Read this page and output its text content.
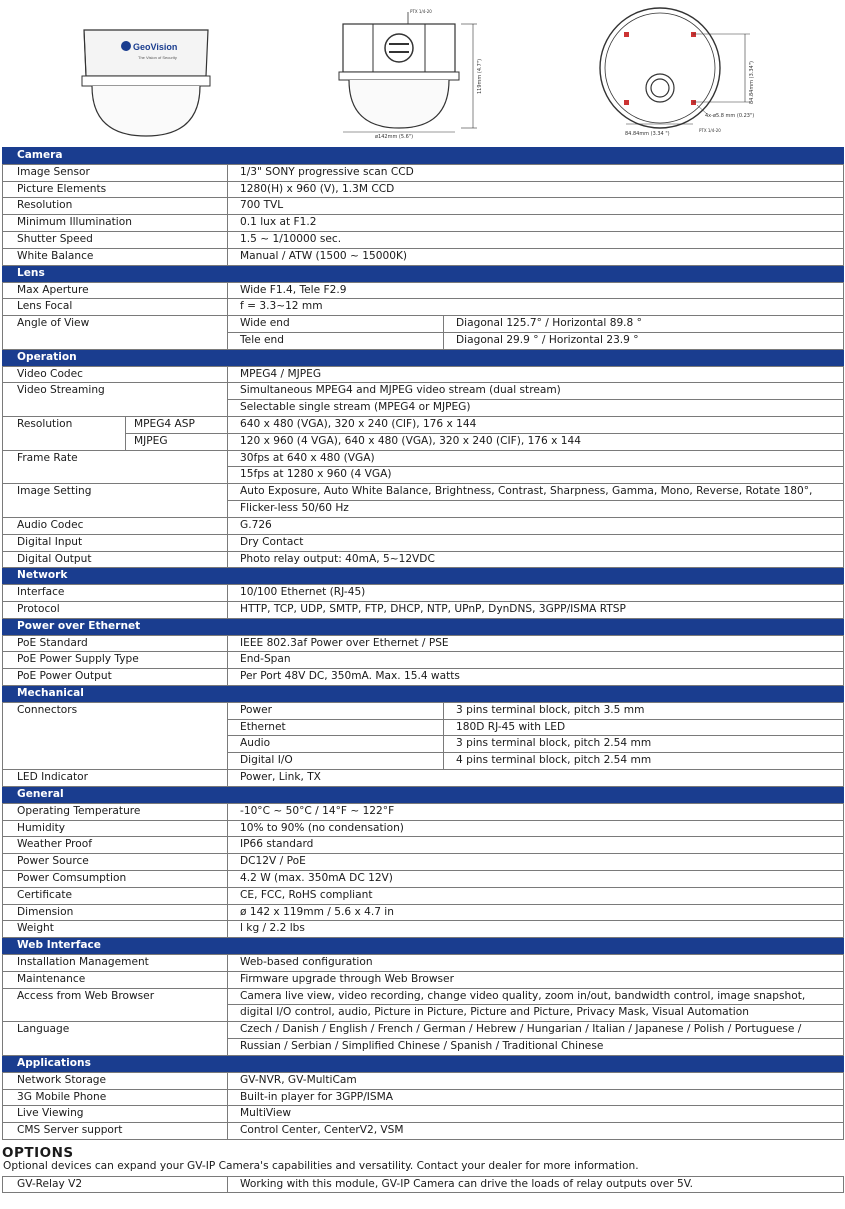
GeoVision
The Vision of Security
PTX 1/4-20
119mm (4.7")
ø142mm (5.6")
84.84mm (3.34")
4x-ø5.8 mm (0.23")
84.84mm (3.34 ")
PTX 1/4-20
Camera			
Image Sensor		1/3" SONY progressive scan CCD	
Picture Elements		1280(H) x 960 (V), 1.3M CCD	
Resolution		700 TVL	
Minimum Illumination		0.1 lux at F1.2	
Shutter Speed		1.5 ~ 1/10000 sec.	
White Balance		Manual / ATW (1500 ~ 15000K)	
Lens			
Max Aperture		Wide F1.4, Tele F2.9	
Lens Focal		f = 3.3~12 mm	
Angle of View		Wide end	Diagonal 125.7° / Horizontal 89.8 °
		Tele end	Diagonal 29.9 ° / Horizontal 23.9 °
Operation			
Video Codec		MPEG4 / MJPEG	
Video Streaming		Simultaneous MPEG4 and MJPEG video stream (dual stream)	
		Selectable single stream (MPEG4 or MJPEG)	
Resolution	MPEG4 ASP	640 x 480 (VGA), 320 x 240 (CIF), 176 x 144	
	MJPEG	120 x 960 (4 VGA), 640 x 480 (VGA), 320 x 240 (CIF), 176 x 144	
Frame Rate		30fps at 640 x 480 (VGA)	
		15fps at 1280 x 960 (4 VGA)	
Image Setting		Auto Exposure, Auto White Balance, Brightness, Contrast, Sharpness, Gamma, Mono, Reverse, Rotate 180°,	
		Flicker-less 50/60 Hz	
Audio Codec		G.726	
Digital Input		Dry Contact	
Digital Output		Photo relay output: 40mA, 5~12VDC	
Network			
Interface		10/100 Ethernet (RJ-45)	
Protocol		HTTP, TCP, UDP, SMTP, FTP, DHCP, NTP, UPnP, DynDNS, 3GPP/ISMA RTSP	
Power over Ethernet			
PoE Standard		IEEE 802.3af Power over Ethernet / PSE	
PoE Power Supply Type		End-Span	
PoE Power Output		Per Port 48V DC, 350mA. Max. 15.4 watts	
Mechanical			
Connectors		Power	3 pins terminal block, pitch 3.5 mm
		Ethernet	180D RJ-45 with LED
		Audio	3 pins terminal block, pitch 2.54 mm
		Digital I/O	4 pins terminal block, pitch 2.54 mm
LED Indicator		Power, Link, TX	
General			
Operating Temperature		-10°C ~ 50°C / 14°F ~ 122°F	
Humidity		10% to 90% (no condensation)	
Weather Proof		IP66 standard	
Power Source		DC12V / PoE	
Power Comsumption		4.2 W (max. 350mA DC 12V)	
Certificate		CE, FCC, RoHS compliant	
Dimension		ø 142 x 119mm / 5.6 x 4.7 in	
Weight		l kg / 2.2 lbs	
Web Interface			
Installation Management		Web-based configuration	
Maintenance		Firmware upgrade through Web Browser	
Access from Web Browser		Camera live view, video recording, change video quality, zoom in/out, bandwidth control, image snapshot,	
		digital I/O control, audio, Picture in Picture, Picture and Picture, Privacy Mask, Visual Automation	
Language		Czech / Danish / English / French / German / Hebrew / Hungarian / Italian / Japanese / Polish / Portuguese /	
		Russian / Serbian / Simplified Chinese / Spanish / Traditional Chinese	
Applications			
Network Storage		GV-NVR, GV-MultiCam	
3G Mobile Phone		Built-in player for 3GPP/ISMA	
Live Viewing		MultiView	
CMS Server support		Control Center, CenterV2, VSM	
OPTIONS
Optional devices can expand your GV-IP Camera's capabilities and versatility. Contact your dealer for more information.
GV-Relay V2	Working with this module, GV-IP Camera can drive the loads of relay outputs over 5V.
